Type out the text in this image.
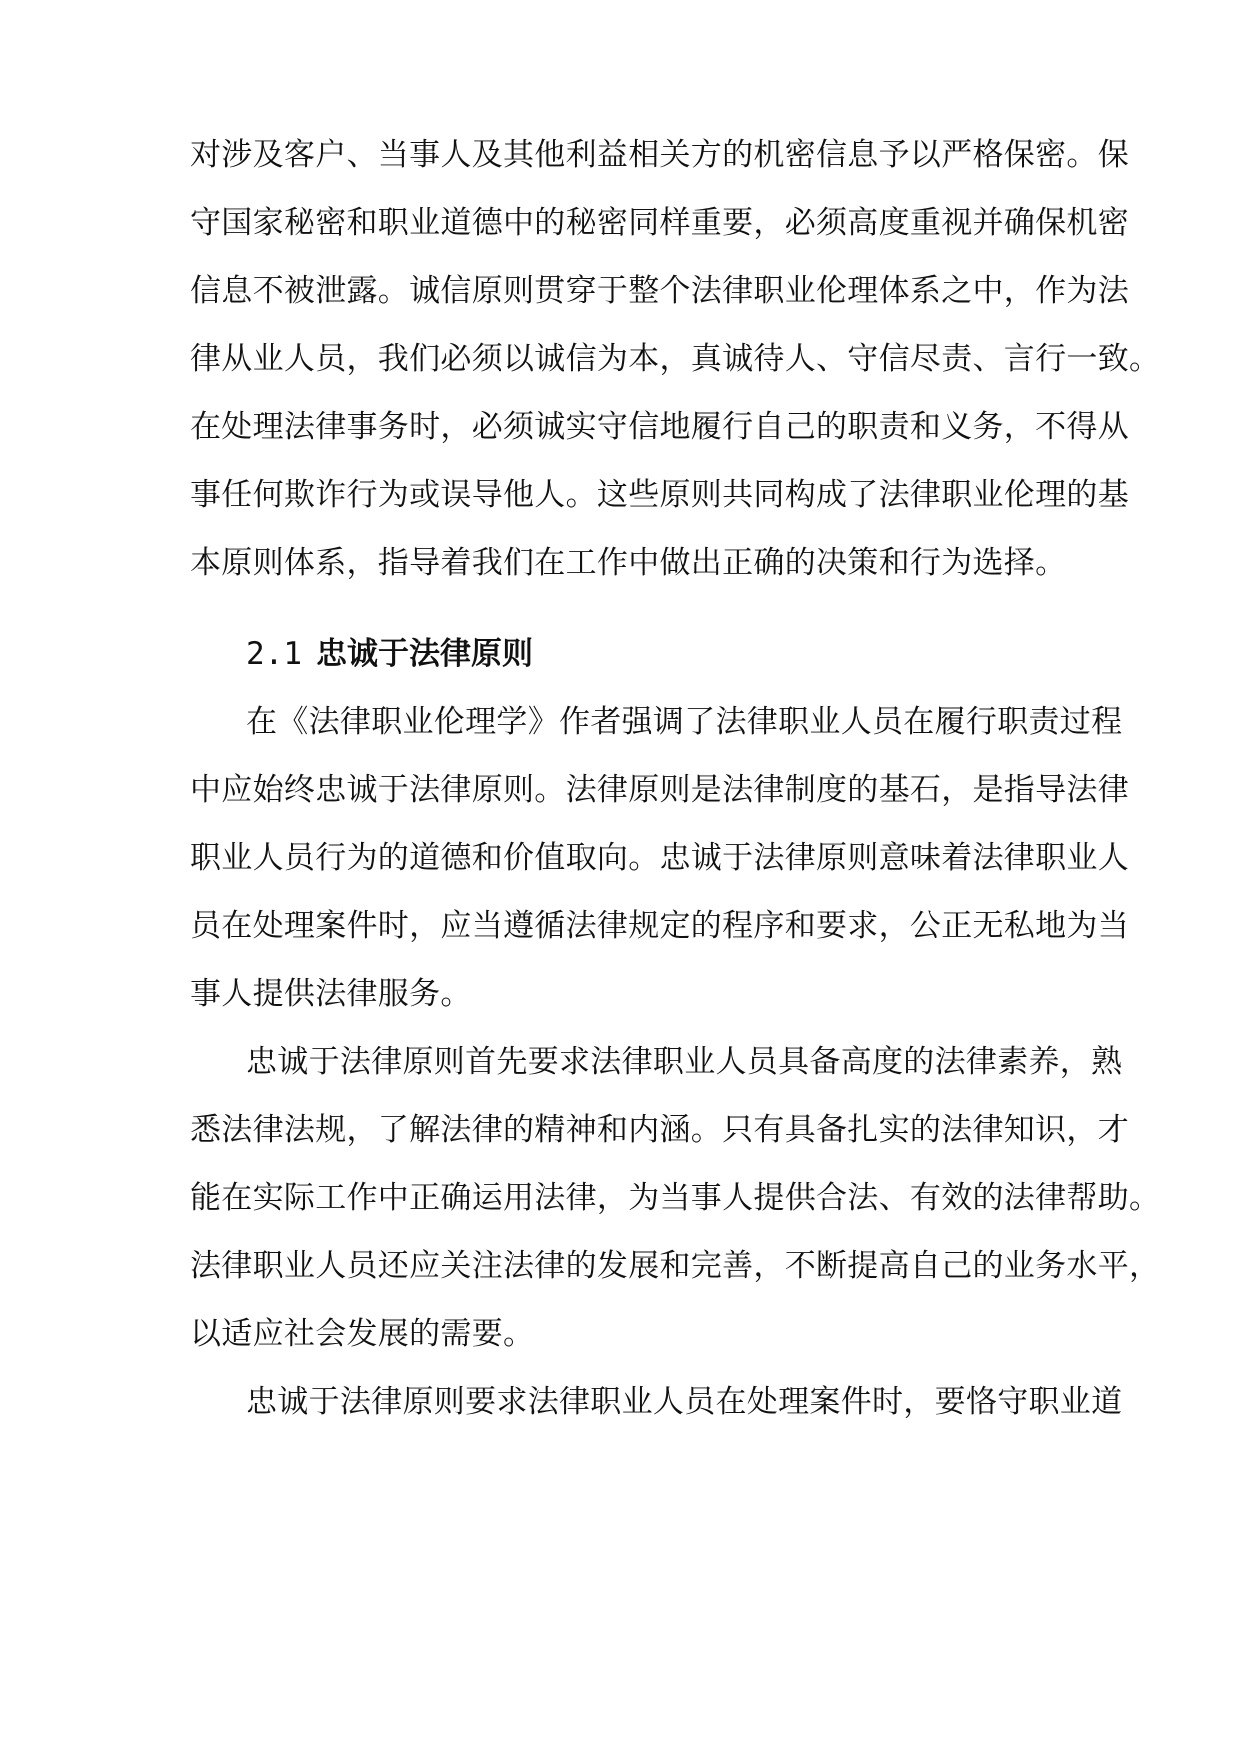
对涉及客户、当事人及其他利益相关方的机密信息予以严格保密。保
守国家秘密和职业道德中的秘密同样重要，必须高度重视并确保机密
信息不被泄露。诚信原则贯穿于整个法律职业伦理体系之中，作为法
律从业人员，我们必须以诚信为本，真诚待人、守信尽责、言行一致。
在处理法律事务时，必须诚实守信地履行自己的职责和义务，不得从
事任何欺诈行为或误导他人。这些原则共同构成了法律职业伦理的基
本原则体系，指导着我们在工作中做出正确的决策和行为选择。
2.1 忠诚于法律原则
在《法律职业伦理学》作者强调了法律职业人员在履行职责过程
中应始终忠诚于法律原则。法律原则是法律制度的基石，是指导法律
职业人员行为的道德和价值取向。忠诚于法律原则意味着法律职业人
员在处理案件时，应当遵循法律规定的程序和要求，公正无私地为当
事人提供法律服务。
忠诚于法律原则首先要求法律职业人员具备高度的法律素养，熟
悉法律法规，了解法律的精神和内涵。只有具备扎实的法律知识，才
能在实际工作中正确运用法律，为当事人提供合法、有效的法律帮助。
法律职业人员还应关注法律的发展和完善，不断提高自己的业务水平，
以适应社会发展的需要。
忠诚于法律原则要求法律职业人员在处理案件时，要恪守职业道
